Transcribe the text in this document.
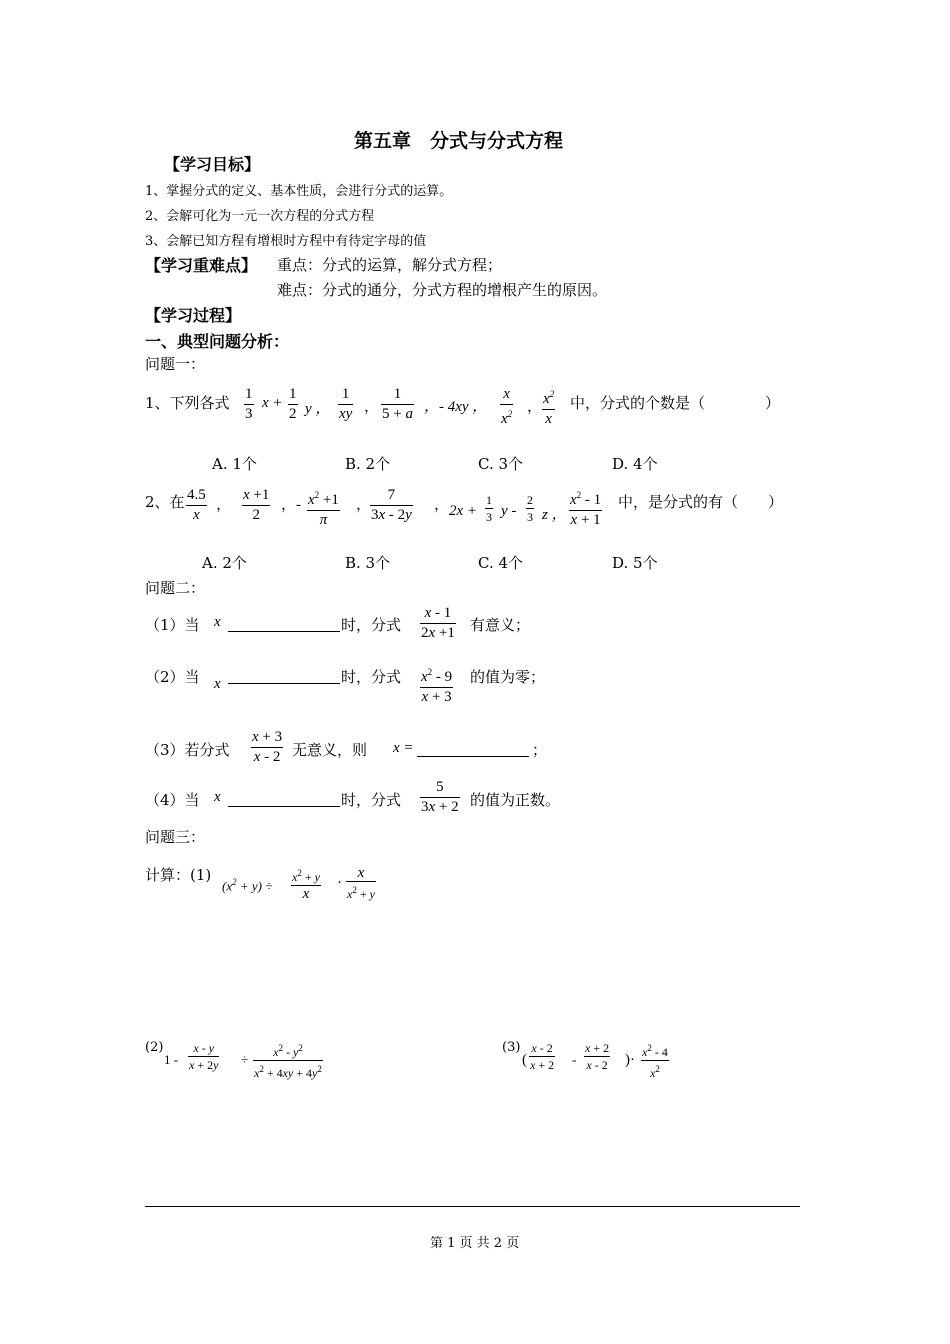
第五章　分式与分式方程
【学习目标】
1、掌握分式的定义、基本性质，会进行分式的运算。
2、会解可化为一元一次方程的分式方程
3、会解已知方程有增根时方程中有待定字母的值
【学习重难点】 重点：分式的运算，解分式方程；
难点：分式的通分，分式方程的增根产生的原因。
【学习过程】
一、典型问题分析：
问题一：
1、下列各式 $\frac{1}{3}$ $x + \frac{1}{2}$ y ， $\frac{1}{xy}$ ， $\frac{1}{5 + a}$ ，- 4xy ， $\frac{x}{x^2}$ ， $\frac{x^2}{x}$ 中，分式的个数是（　　　　）
A. 1个	B. 2个	C. 3个	D. 4个
2、在 $\frac{4.5}{x}$ ， $\frac{x +1}{2}$ ，- $\frac{x^2 +1}{\pi}$ ，
$\frac{7}{3x - 2y}$ ， $2x + \frac{1}{3}$ y - $\frac{2}{3}$ z ， $\frac{x^2 - 1}{x + 1}$ 中，是分式的有（　　）
A. 2个	B. 3个	C. 4个	D. 5个
问题二：
（1）当 x	时，分式 $\frac{x - 1}{2x +1}$ 有意义；
（2）当 x	时，分式 $\frac{x^2 - 9}{x + 3}$ 的值为零；
（3）若分式 $\frac{x + 3}{x - 2}$ 无意义，则 x =	；
（4）当 x	时，分式 $\frac{5}{3x + 2}$ 的值为正数。
问题三：
计算：(1)
$(x^2 + y)$ ÷
$x^2 + y$
x
·
x
$x^2 + y$
(2)
$1 - \frac{x - y}{x + 2y} \div \frac{x^2 - y^2}{x^2 + 4xy + 4y^2}$	(3)
( $\frac{x - 2}{x + 2} - \frac{x + 2}{x - 2}$ )· $\frac{x^2 - 4}{x^2}$
第 1 页 共 2 页
